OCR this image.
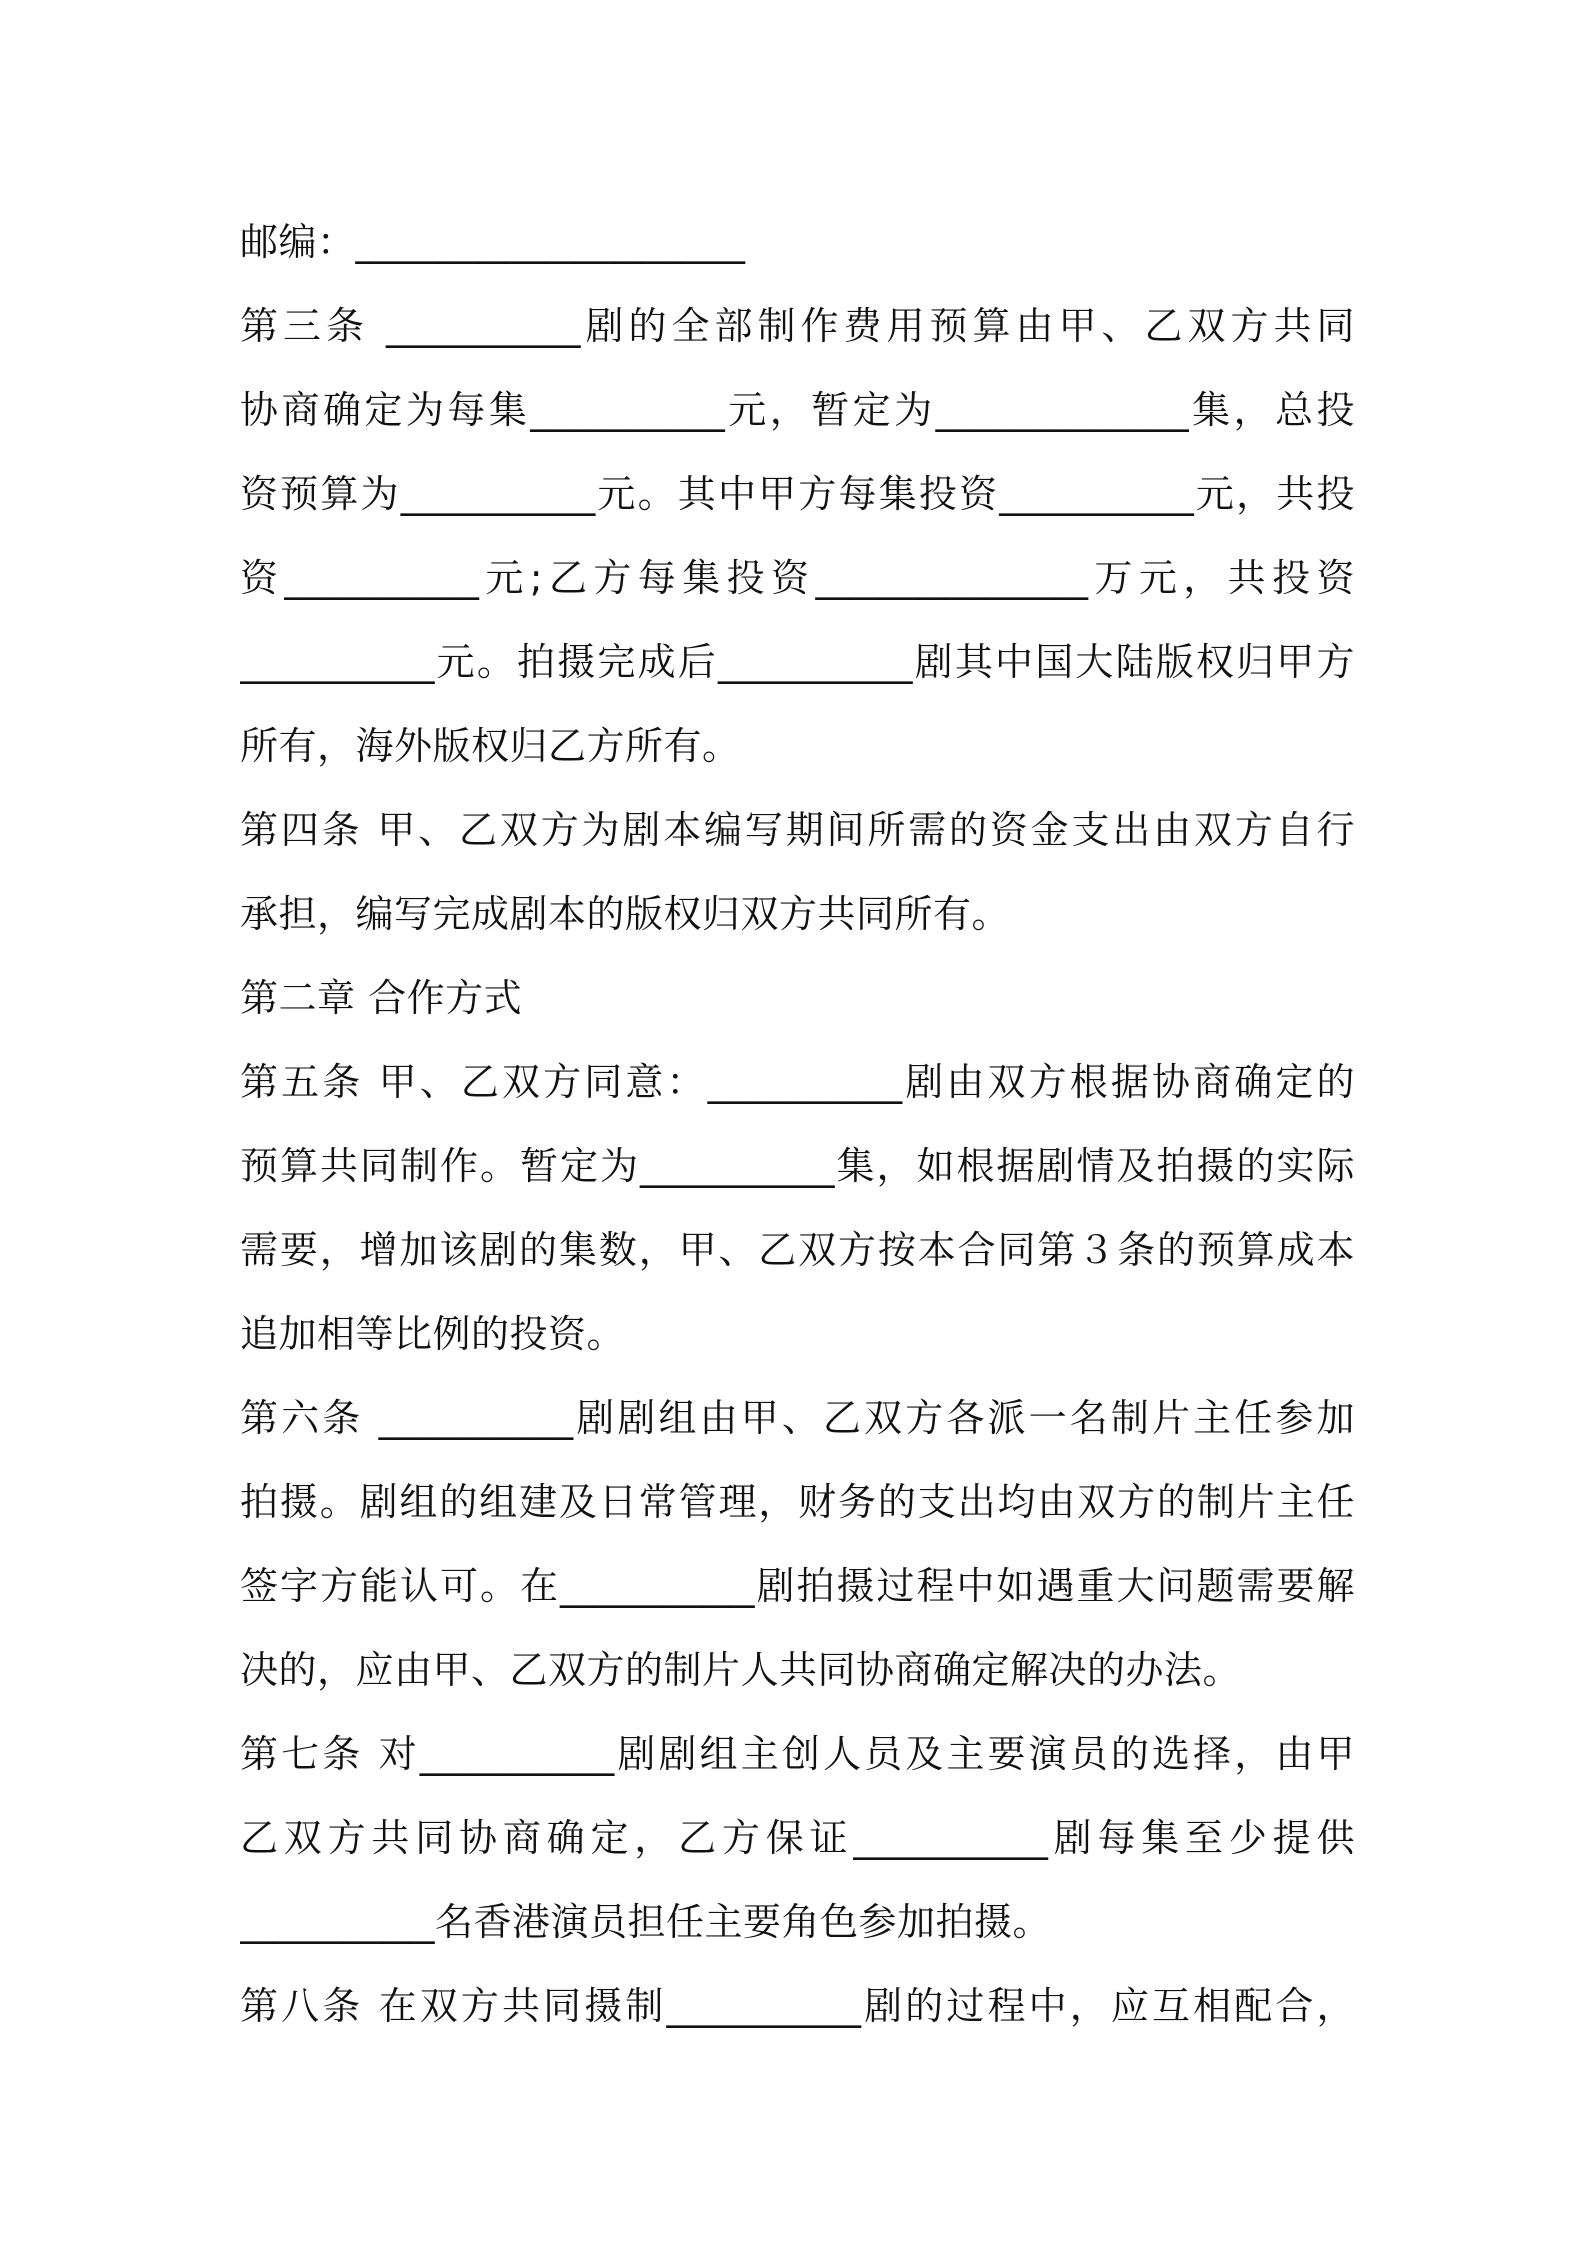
邮编：____________________
第三条 __________剧的全部制作费用预算由甲、乙双方共同
协商确定为每集__________元，暂定为_____________集，总投
资预算为__________元。其中甲方每集投资__________元，共投
资__________元;乙方每集投资______________万元，共投资
__________元。拍摄完成后__________剧其中国大陆版权归甲方
所有，海外版权归乙方所有。
第四条 甲、乙双方为剧本编写期间所需的资金支出由双方自行
承担，编写完成剧本的版权归双方共同所有。
第二章 合作方式
第五条 甲、乙双方同意：__________剧由双方根据协商确定的
预算共同制作。暂定为__________集，如根据剧情及拍摄的实际
需要，增加该剧的集数，甲、乙双方按本合同第３条的预算成本
追加相等比例的投资。
第六条 __________剧剧组由甲、乙双方各派一名制片主任参加
拍摄。剧组的组建及日常管理，财务的支出均由双方的制片主任
签字方能认可。在__________剧拍摄过程中如遇重大问题需要解
决的，应由甲、乙双方的制片人共同协商确定解决的办法。
第七条 对__________剧剧组主创人员及主要演员的选择，由甲
乙双方共同协商确定，乙方保证__________剧每集至少提供
__________名香港演员担任主要角色参加拍摄。
第八条 在双方共同摄制__________剧的过程中，应互相配合，
